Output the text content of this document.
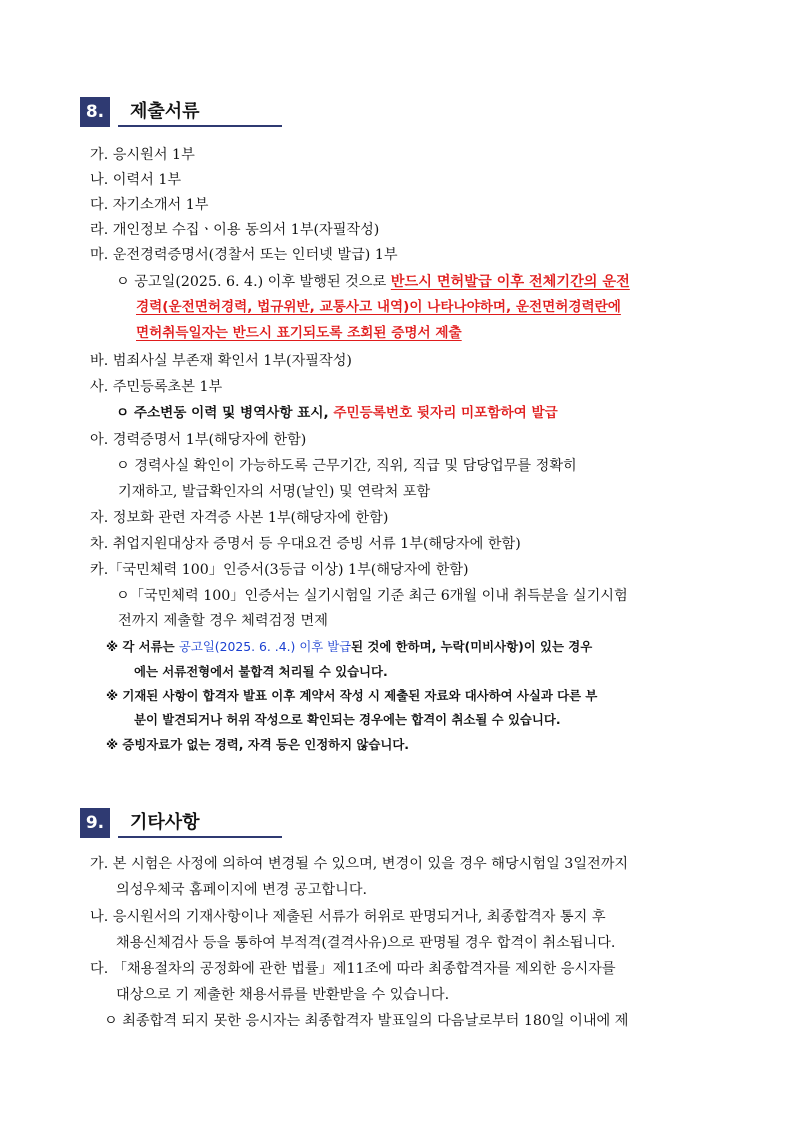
8.	제출서류
가. 응시원서 1부
나. 이력서 1부
다. 자기소개서 1부
라. 개인정보 수집ㆍ이용 동의서 1부(자필작성)
마. 운전경력증명서(경찰서 또는 인터넷 발급) 1부
ㅇ 공고일(2025. 6. 4.) 이후 발행된 것으로 반드시 면허발급 이후 전체기간의 운전
경력(운전면허경력, 법규위반, 교통사고 내역)이 나타나야하며, 운전면허경력란에
면허취득일자는 반드시 표기되도록 조회된 증명서 제출
바. 범죄사실 부존재 확인서 1부(자필작성)
사. 주민등록초본 1부
ㅇ 주소변동 이력 및 병역사항 표시, 주민등록번호 뒷자리 미포함하여 발급
아. 경력증명서 1부(해당자에 한함)
ㅇ 경력사실 확인이 가능하도록 근무기간, 직위, 직급 및 담당업무를 정확히
기재하고, 발급확인자의 서명(날인) 및 연락처 포함
자. 정보화 관련 자격증 사본 1부(해당자에 한함)
차. 취업지원대상자 증명서 등 우대요건 증빙 서류 1부(해당자에 한함)
카.「국민체력 100」인증서(3등급 이상) 1부(해당자에 한함)
ㅇ「국민체력 100」인증서는 실기시험일 기준 최근 6개월 이내 취득분을 실기시험
전까지 제출할 경우 체력검정 면제
※ 각 서류는 공고일(2025. 6. .4.) 이후 발급된 것에 한하며, 누락(미비사항)이 있는 경우
에는 서류전형에서 불합격 처리될 수 있습니다.
※ 기재된 사항이 합격자 발표 이후 계약서 작성 시 제출된 자료와 대사하여 사실과 다른 부
분이 발견되거나 허위 작성으로 확인되는 경우에는 합격이 취소될 수 있습니다.
※ 증빙자료가 없는 경력, 자격 등은 인정하지 않습니다.
9.	기타사항
가. 본 시험은 사정에 의하여 변경될 수 있으며, 변경이 있을 경우 해당시험일 3일전까지
의성우체국 홈페이지에 변경 공고합니다.
나. 응시원서의 기재사항이나 제출된 서류가 허위로 판명되거나, 최종합격자 통지 후
채용신체검사 등을 통하여 부적격(결격사유)으로 판명될 경우 합격이 취소됩니다.
다. 「채용절차의 공정화에 관한 법률」제11조에 따라 최종합격자를 제외한 응시자를
대상으로 기 제출한 채용서류를 반환받을 수 있습니다.
ㅇ 최종합격 되지 못한 응시자는 최종합격자 발표일의 다음날로부터 180일 이내에 제
